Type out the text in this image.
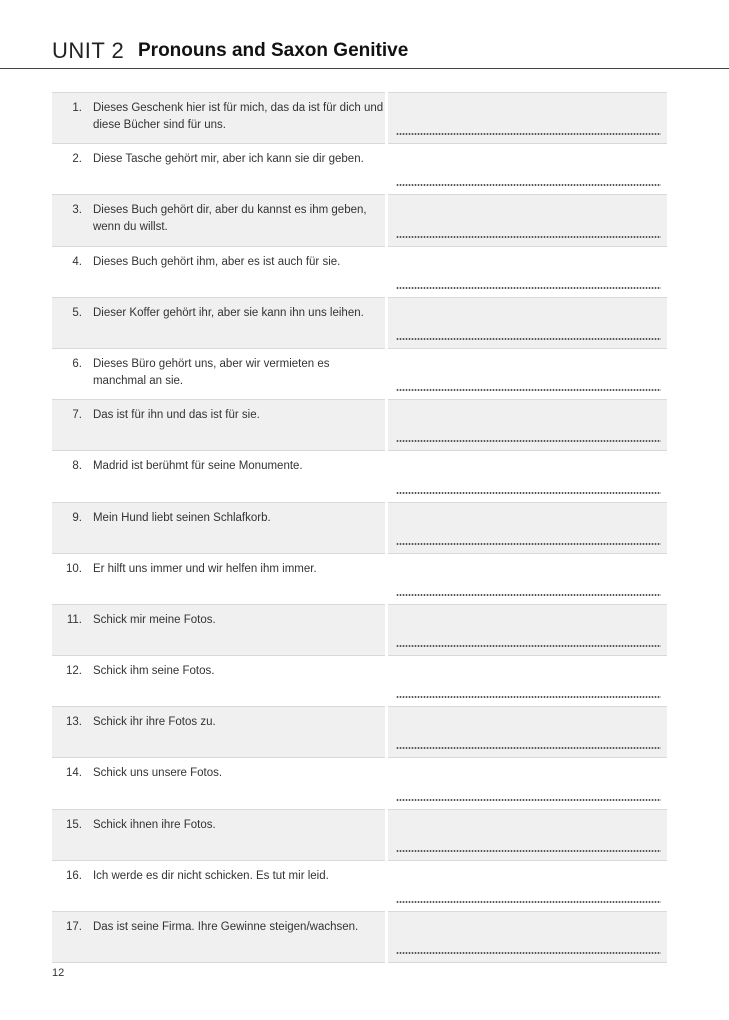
UNIT 2 Pronouns and Saxon Genitive
1.	Dieses Geschenk hier ist für mich, das da ist für dich und diese Bücher sind für uns.	

2.	Diese Tasche gehört mir, aber ich kann sie dir geben.	

3.	Dieses Buch gehört dir, aber du kannst es ihm geben, wenn du willst.	

4.	Dieses Buch gehört ihm, aber es ist auch für sie.	

5.	Dieser Koffer gehört ihr, aber sie kann ihn uns leihen.	

6.	Dieses Büro gehört uns, aber wir vermieten es manchmal an sie.	

7.	Das ist für ihn und das ist für sie.	

8.	Madrid ist berühmt für seine Monumente.	

9.	Mein Hund liebt seinen Schlafkorb.	

10.	Er hilft uns immer und wir helfen ihm immer.	

11.	Schick mir meine Fotos.	

12.	Schick ihm seine Fotos.	

13.	Schick ihr ihre Fotos zu.	

14.	Schick uns unsere Fotos.	

15.	Schick ihnen ihre Fotos.	

16.	Ich werde es dir nicht schicken. Es tut mir leid.	

17.	Das ist seine Firma. Ihre Gewinne steigen/wachsen.	
12
